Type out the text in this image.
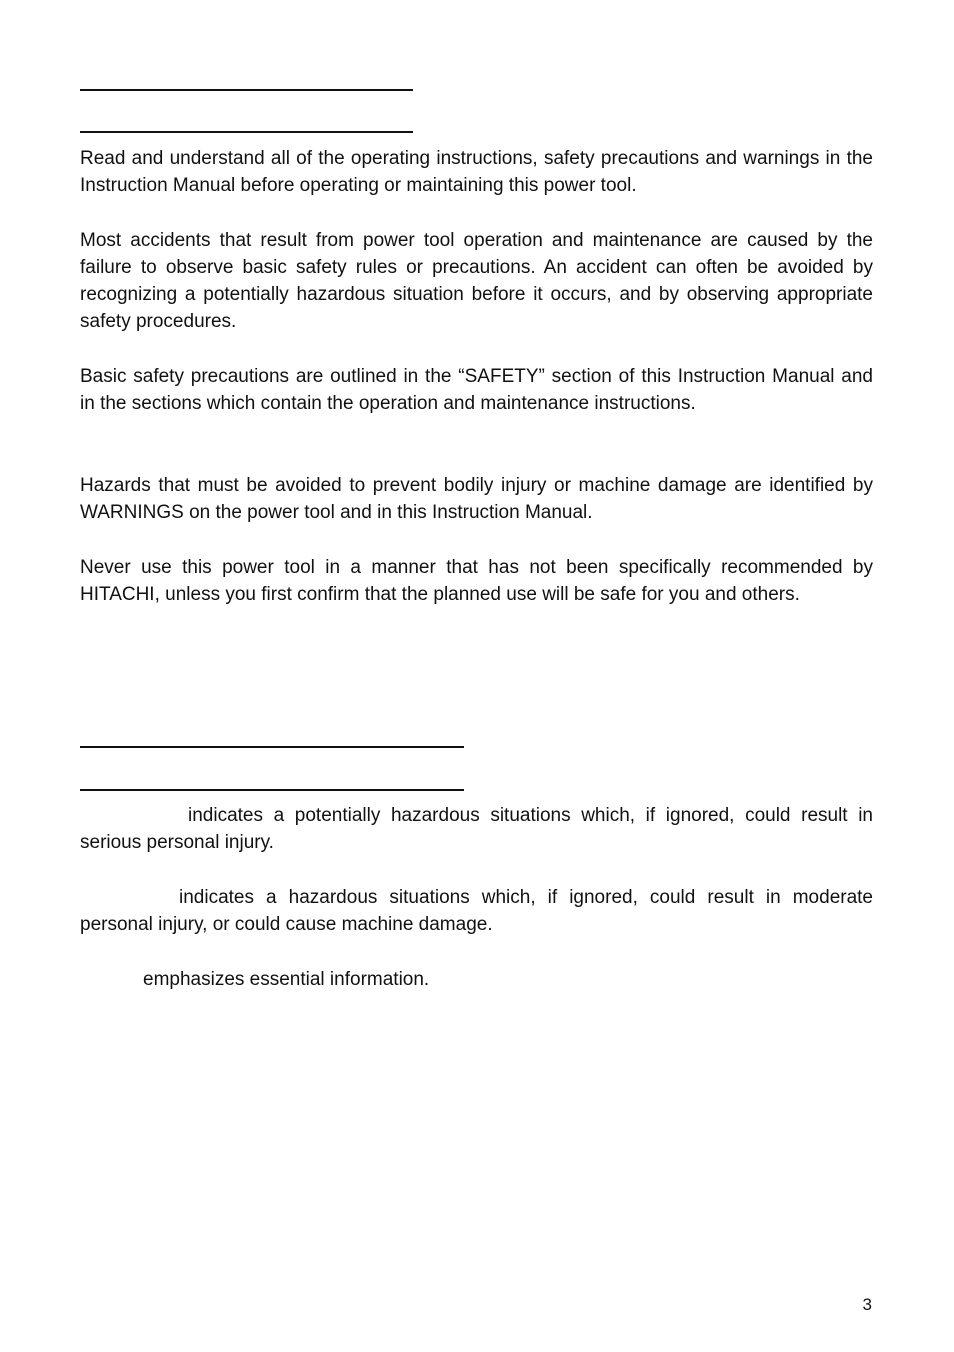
Read and understand all of the operating instructions, safety precautions and warnings in the Instruction Manual before operating or maintaining this power tool.

Most accidents that result from power tool operation and maintenance are caused by the failure to observe basic safety rules or precautions. An accident can often be avoided by recognizing a potentially hazardous situation before it occurs, and by observing appropriate safety procedures.

Basic safety precautions are outlined in the “SAFETY” section of this Instruction Manual and in the sections which contain the operation and maintenance instructions.

Hazards that must be avoided to prevent bodily injury or machine damage are identified by WARNINGS on the power tool and in this Instruction Manual.

Never use this power tool in a manner that has not been specifically recommended by HITACHI, unless you first confirm that the planned use will be safe for you and others.

indicates a potentially hazardous situations which, if ignored, could result in serious personal injury.

indicates a hazardous situations which, if ignored, could result in moderate personal injury, or could cause machine damage.

emphasizes essential information.

3
